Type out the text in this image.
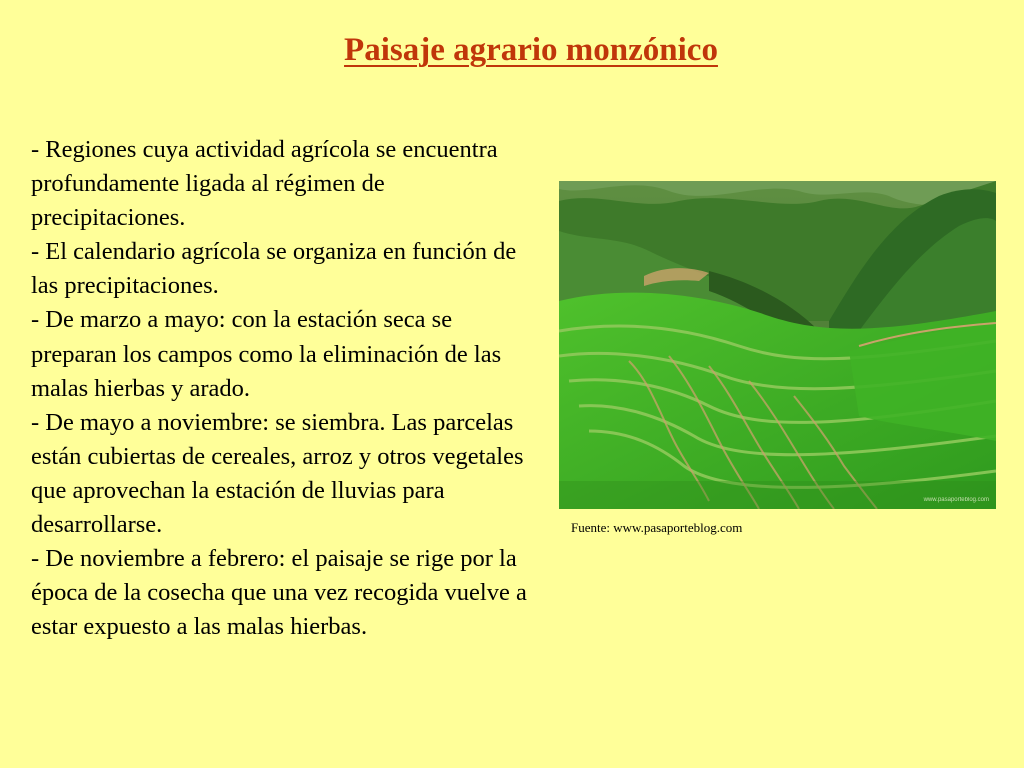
Paisaje agrario monzónico

- Regiones cuya actividad agrícola se encuentra profundamente ligada al régimen de precipitaciones.

- El calendario agrícola se organiza en función de las precipitaciones.

- De marzo a mayo: con la estación seca se preparan los campos como la eliminación de las malas hierbas y arado.

- De mayo a noviembre: se siembra. Las parcelas están cubiertas de cereales, arroz y otros vegetales que aprovechan la estación de lluvias para desarrollarse.

- De noviembre a febrero: el paisaje se rige por la época de la cosecha que una vez recogida vuelve a estar expuesto a las malas hierbas.

www.pasaporteblog.com
Fuente: www.pasaporteblog.com
